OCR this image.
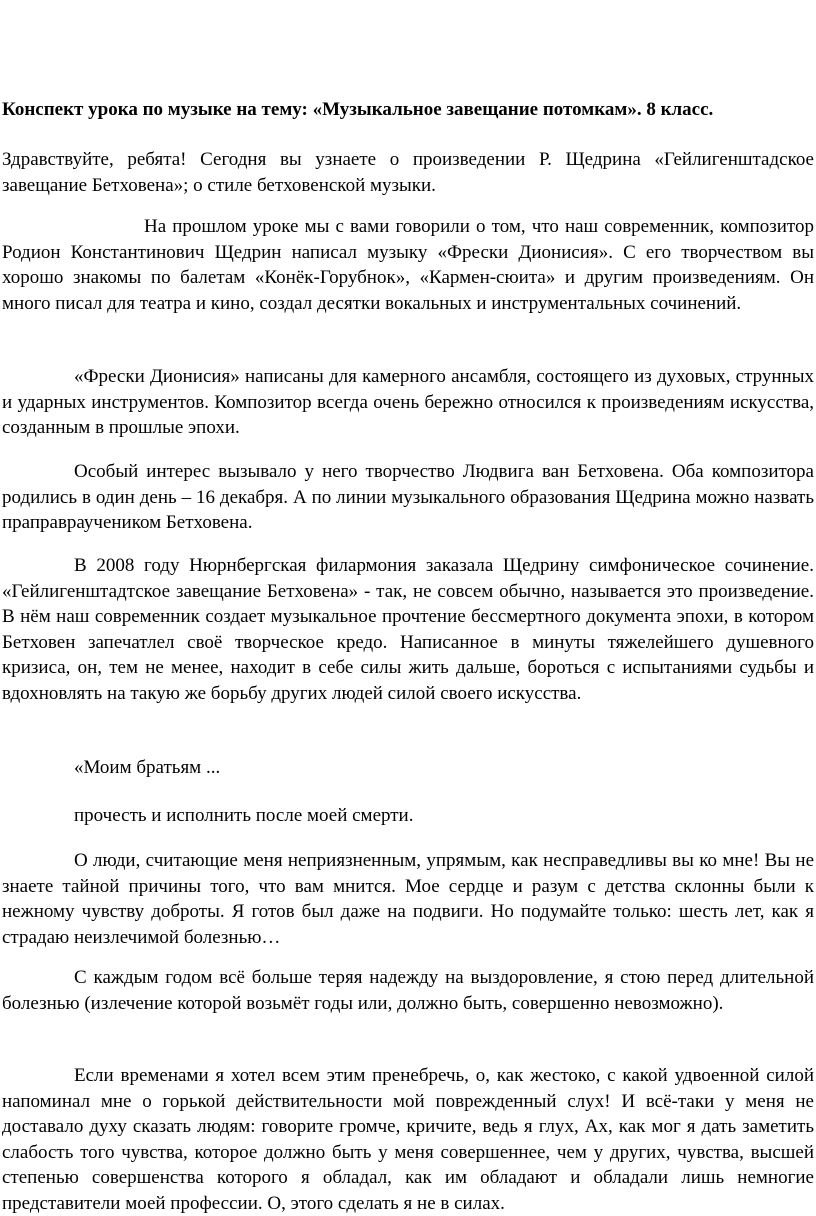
Конспект урока по музыке на тему: «Музыкальное завещание потомкам». 8 класс.

Здравствуйте, ребята! Сегодня вы узнаете о произведении Р. Щедрина «Гейлигенштадское завещание Бетховена»; о стиле бетховенской музыки.

На прошлом уроке мы с вами говорили о том, что наш современник, композитор Родион Константинович Щедрин написал музыку «Фрески Дионисия». С его творчеством вы хорошо знакомы по балетам «Конёк-Горубнок», «Кармен-сюита» и другим произведениям. Он много писал для театра и кино, создал десятки вокальных и инструментальных сочинений.

«Фрески Дионисия» написаны для камерного ансамбля, состоящего из духовых, струнных и ударных инструментов. Композитор всегда очень бережно относился к произведениям искусства, созданным в прошлые эпохи.

Особый интерес вызывало у него творчество Людвига ван Бетховена. Оба композитора родились в один день – 16 декабря. А по линии музыкального образования Щедрина можно назвать праправраучеником Бетховена.

В 2008 году Нюрнбергская филармония заказала Щедрину симфоническое сочинение. «Гейлигенштадтское завещание Бетховена» - так, не совсем обычно, называется это произведение. В нём наш современник создает музыкальное прочтение бессмертного документа эпохи, в котором Бетховен запечатлел своё творческое кредо. Написанное в минуты тяжелейшего душевного кризиса, он, тем не менее, находит в себе силы жить дальше, бороться с испытаниями судьбы и вдохновлять на такую же борьбу других людей силой своего искусства.

«Моим братьям ...

прочесть и исполнить после моей смерти.

О люди, считающие меня неприязненным, упрямым, как несправедливы вы ко мне! Вы не знаете тайной причины того, что вам мнится. Мое сердце и разум с детства склонны были к нежному чувству доброты. Я готов был даже на подвиги. Но подумайте только: шесть лет, как я страдаю неизлечимой болезнью…

С каждым годом всё больше теряя надежду на выздоровление, я стою перед длительной болезнью (излечение которой возьмёт годы или, должно быть, совершенно невозможно).

Если временами я хотел всем этим пренебречь, о, как жестоко, с какой удвоенной силой напоминал мне о горькой действительности мой поврежденный слух! И всё-таки у меня не доставало духу сказать людям: говорите громче, кричите, ведь я глух, Ах, как мог я дать заметить слабость того чувства, которое должно быть у меня совершеннее, чем у других, чувства, высшей степенью совершенства которого я обладал, как им обладают и обладали лишь немногие представители моей профессии. О, этого сделать я не в силах.
